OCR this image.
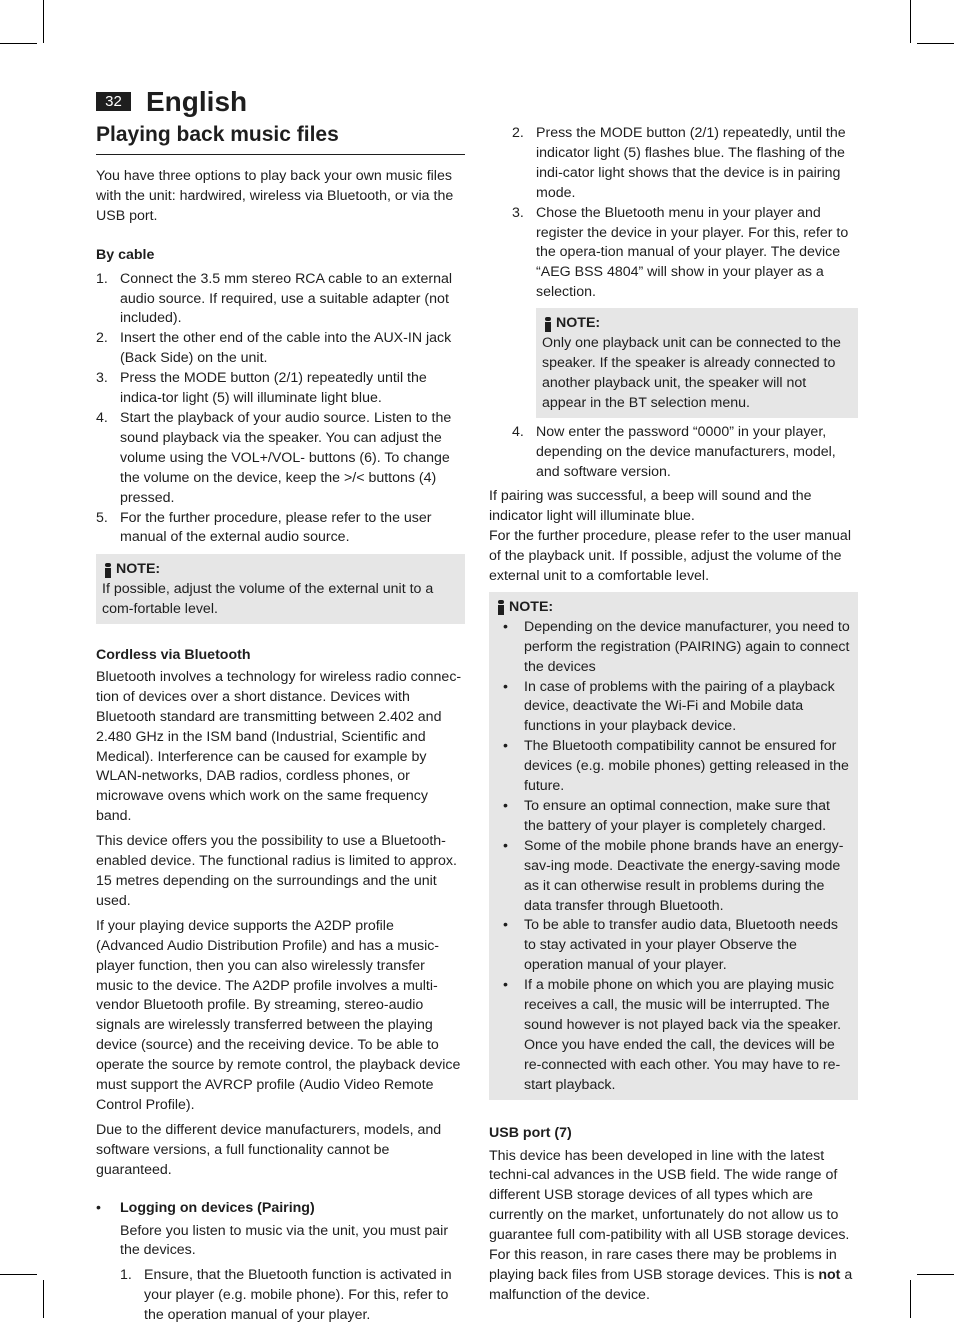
32 English
Playing back music files

You have three options to play back your own music files with the unit: hardwired, wireless via Bluetooth, or via the USB port.

By cable

1. Connect the 3.5 mm stereo RCA cable to an external audio source. If required, use a suitable adapter (not included).
2. Insert the other end of the cable into the AUX-IN jack (Back Side) on the unit.
3. Press the MODE button (2/1) repeatedly until the indica-tor light (5) will illuminate light blue.
4. Start the playback of your audio source. Listen to the sound playback via the speaker. You can adjust the volume using the VOL+/VOL- buttons (6). To change the volume on the device, keep the >/< buttons (4) pressed.
5. For the further procedure, please refer to the user manual of the external audio source.
NOTE:

If possible, adjust the volume of the external unit to a com-fortable level.

Cordless via Bluetooth

Bluetooth involves a technology for wireless radio connec-tion of devices over a short distance. Devices with Bluetooth standard are transmitting between 2.402 and 2.480 GHz in the ISM band (Industrial, Scientific and Medical). Interference can be caused for example by WLAN-networks, DAB radios, cordless phones, or microwave ovens which work on the same frequency band.

This device offers you the possibility to use a Bluetooth-enabled device. The functional radius is limited to approx. 15 metres depending on the surroundings and the unit used.

If your playing device supports the A2DP profile (Advanced Audio Distribution Profile) and has a music-player function, then you can also wirelessly transfer music to the device. The A2DP profile involves a multi-vendor Bluetooth profile. By streaming, stereo-audio signals are wirelessly transferred between the playing device (source) and the receiving device. To be able to operate the source by remote control, the playback device must support the AVRCP profile (Audio Video Remote Control Profile).

Due to the different device manufacturers, models, and software versions, a full functionality cannot be guaranteed.

• Logging on devices (Pairing)

Before you listen to music via the unit, you must pair the devices.

1. Ensure, that the Bluetooth function is activated in your player (e.g. mobile phone). For this, refer to the operation manual of your player.
2. Press the MODE button (2/1) repeatedly, until the indicator light (5) flashes blue. The flashing of the indi-cator light shows that the device is in pairing mode.
3. Chose the Bluetooth menu in your player and register the device in your player. For this, refer to the opera-tion manual of your player. The device “AEG BSS 4804” will show in your player as a selection.
NOTE:

Only one playback unit can be connected to the speaker. If the speaker is already connected to another playback unit, the speaker will not appear in the BT selection menu.

4. Now enter the password “0000” in your player, depending on the device manufacturers, model, and software version.

If pairing was successful, a beep will sound and the indicator light will illuminate blue.

For the further procedure, please refer to the user manual of the playback unit. If possible, adjust the volume of the external unit to a comfortable level.

NOTE:
• Depending on the device manufacturer, you need to perform the registration (PAIRING) again to connect the devices
• In case of problems with the pairing of a playback device, deactivate the Wi-Fi and Mobile data functions in your playback device.
• The Bluetooth compatibility cannot be ensured for devices (e.g. mobile phones) getting released in the future.
• To ensure an optimal connection, make sure that the battery of your player is completely charged.
• Some of the mobile phone brands have an energy-sav-ing mode. Deactivate the energy-saving mode as it can otherwise result in problems during the data transfer through Bluetooth.
• To be able to transfer audio data, Bluetooth needs to stay activated in your player Observe the operation manual of your player.
• If a mobile phone on which you are playing music receives a call, the music will be interrupted. The sound however is not played back via the speaker. Once you have ended the call, the devices will be re-connected with each other. You may have to re-start playback.

USB port (7)

This device has been developed in line with the latest techni-cal advances in the USB field. The wide range of different USB storage devices of all types which are currently on the market, unfortunately do not allow us to guarantee full com-patibility with all USB storage devices. For this reason, in rare cases there may be problems in playing back files from USB storage devices. This is not a malfunction of the device.
